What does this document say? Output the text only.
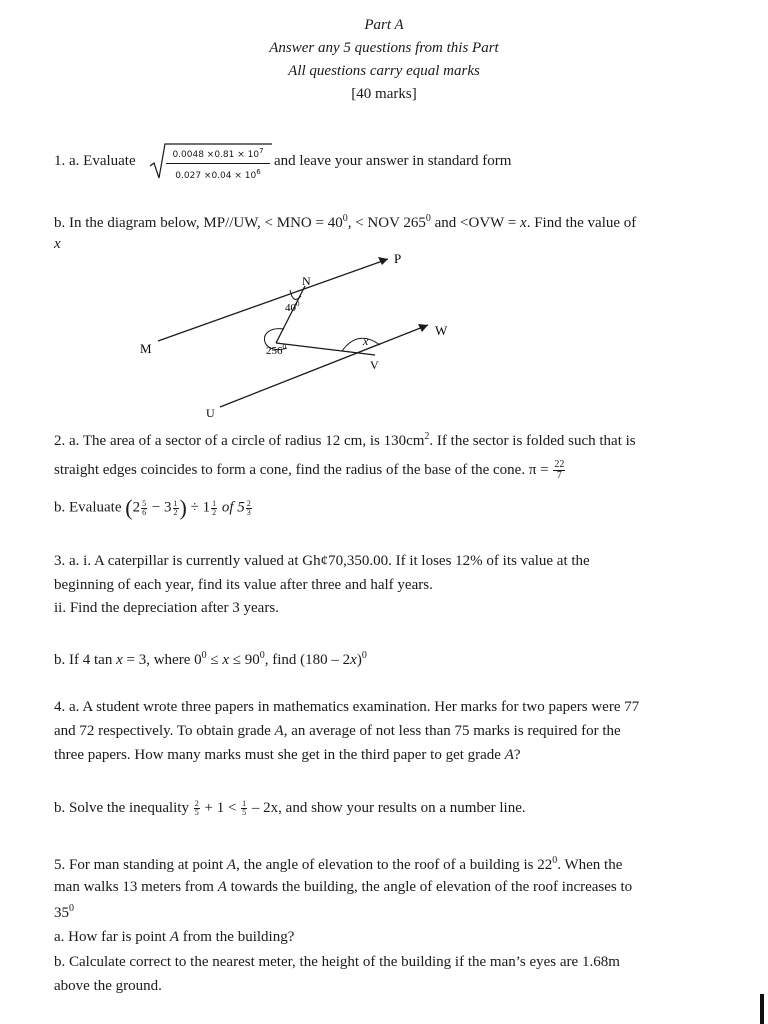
Part A
Answer any 5 questions from this Part
All questions carry equal marks
[40 marks]
1. a. Evaluate	$\frac{0.0048 \times 0.81 \times 10^7}{0.027 \times 0.04 \times 10^6}$ and leave your answer in standard form
b. In the diagram below, MP//UW, < MNO = $40^0$, < NOV $265^0$ and <OVW = x. Find the value of
x
P
N
W
M	x
V
U
$40^0$
$256^0$
2. a. The area of a sector of a circle of radius 12 cm, is $130cm^2$. If the sector is folded such that is
straight edges coincides to form a cone, find the radius of the base of the cone. $\pi = \frac{22}{7}$
b. Evaluate ($2 \frac{5}{6} - 3 \frac{1}{2}$ ) ÷ $1 \frac{1}{2}$ of $5 \frac{2}{3}$
3. a. i. A caterpillar is currently valued at Gh¢70,350.00. If it loses 12% of its value at the
beginning of each year, find its value after three and half years.
ii. Find the depreciation after 3 years.
b. If 4 tan x = 3, where $0^0 \le x \le 90^0$, find (180 – 2x)$^0$
4. a. A student wrote three papers in mathematics examination. Her marks for two papers were 77
and 72 respectively. To obtain grade A, an average of not less than 75 marks is required for the
three papers. How many marks must she get in the third paper to get grade A?
b. Solve the inequality $\frac{2}{5} + 1 < \frac{1}{5} - 2x$, and show your results on a number line.
5. For man standing at point A, the angle of elevation to the roof of a building is $22^0$. When the
man walks 13 meters from A towards the building, the angle of elevation of the roof increases to
$35^0$
a. How far is point A from the building?
b. Calculate correct to the nearest meter, the height of the building if the man’s eyes are 1.68m
above the ground.
